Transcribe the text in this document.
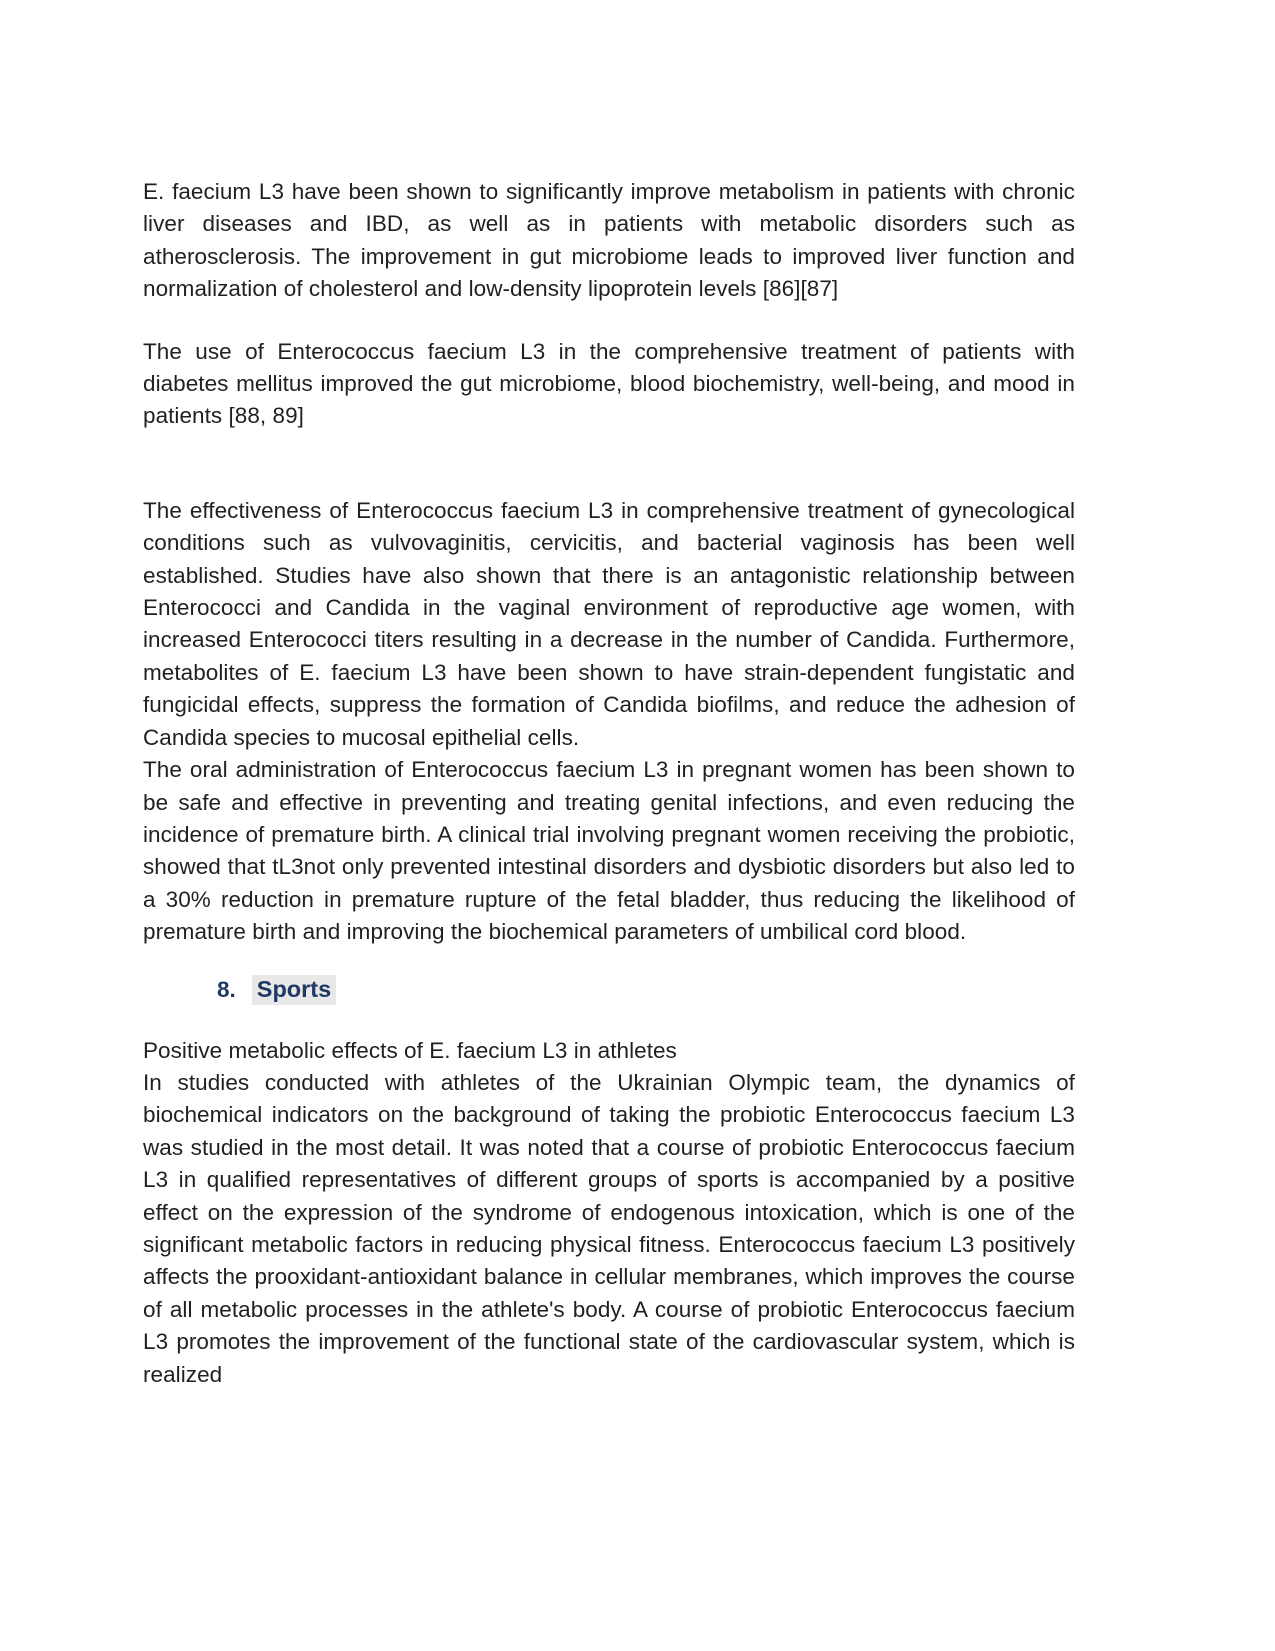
E. faecium L3 have been shown to significantly improve metabolism in patients with chronic liver diseases and IBD, as well as in patients with metabolic disorders such as atherosclerosis. The improvement in gut microbiome leads to improved liver function and normalization of cholesterol and low-density lipoprotein levels [86][87]

The use of Enterococcus faecium L3 in the comprehensive treatment of patients with diabetes mellitus improved the gut microbiome, blood biochemistry, well-being, and mood in patients [88, 89]

The effectiveness of Enterococcus faecium L3 in comprehensive treatment of gynecological conditions such as vulvovaginitis, cervicitis, and bacterial vaginosis has been well established. Studies have also shown that there is an antagonistic relationship between Enterococci and Candida in the vaginal environment of reproductive age women, with increased Enterococci titers resulting in a decrease in the number of Candida. Furthermore, metabolites of E. faecium L3 have been shown to have strain-dependent fungistatic and fungicidal effects, suppress the formation of Candida biofilms, and reduce the adhesion of Candida species to mucosal epithelial cells.

The oral administration of Enterococcus faecium L3 in pregnant women has been shown to be safe and effective in preventing and treating genital infections, and even reducing the incidence of premature birth. A clinical trial involving pregnant women receiving the probiotic, showed that tL3not only prevented intestinal disorders and dysbiotic disorders but also led to a 30% reduction in premature rupture of the fetal bladder, thus reducing the likelihood of premature birth and improving the biochemical parameters of umbilical cord blood.

8. Sports

Positive metabolic effects of E. faecium L3 in athletes

In studies conducted with athletes of the Ukrainian Olympic team, the dynamics of biochemical indicators on the background of taking the probiotic Enterococcus faecium L3 was studied in the most detail. It was noted that a course of probiotic Enterococcus faecium L3 in qualified representatives of different groups of sports is accompanied by a positive effect on the expression of the syndrome of endogenous intoxication, which is one of the significant metabolic factors in reducing physical fitness. Enterococcus faecium L3 positively affects the prooxidant-antioxidant balance in cellular membranes, which improves the course of all metabolic processes in the athlete's body. A course of probiotic Enterococcus faecium L3 promotes the improvement of the functional state of the cardiovascular system, which is realized
